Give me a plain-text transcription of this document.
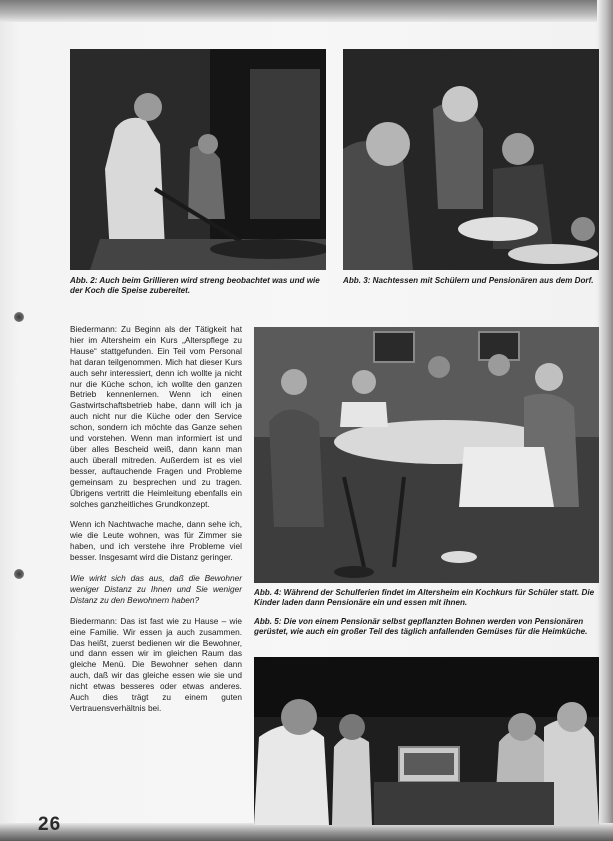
Abb. 2: Auch beim Grillieren wird streng beobachtet was und wie der Koch die Speise zubereitet.

Abb. 3: Nachtessen mit Schülern und Pensionären aus dem Dorf.

Biedermann: Zu Beginn als der Tätigkeit hat hier im Altersheim ein Kurs „Alterspflege zu Hause“ stattgefunden. Ein Teil vom Personal hat daran teilgenommen. Mich hat dieser Kurs auch sehr interessiert, denn ich wollte ja nicht nur die Küche schon, ich wollte den ganzen Betrieb kennenlernen. Wenn ich einen Gastwirtschaftsbetrieb habe, dann will ich ja auch nicht nur die Küche oder den Service schon, sondern ich möchte das Ganze sehen und vorstehen. Wenn man informiert ist und über alles Bescheid weiß, dann kann man auch überall mitreden. Außerdem ist es viel besser, auftauchende Fragen und Probleme gemeinsam zu besprechen und zu tragen. Übrigens vertritt die Heimleitung ebenfalls ein solches ganzheitliches Grundkonzept.

Wenn ich Nachtwache mache, dann sehe ich, wie die Leute wohnen, was für Zimmer sie haben, und ich verstehe ihre Probleme viel besser. Insgesamt wird die Distanz geringer.

Wie wirkt sich das aus, daß die Bewohner weniger Distanz zu Ihnen und Sie weniger Distanz zu den Bewohnern haben?

Biedermann: Das ist fast wie zu Hause – wie eine Familie. Wir essen ja auch zusammen. Das heißt, zuerst bedienen wir die Bewohner, und dann essen wir im gleichen Raum das gleiche Menü. Die Bewohner sehen dann auch, daß wir das gleiche essen wie sie und nicht etwas besseres oder etwas anderes. Auch dies trägt zu einem guten Vertrauensverhältnis bei.

Abb. 4: Während der Schulferien findet im Altersheim ein Kochkurs für Schüler statt. Die Kinder laden dann Pensionäre ein und essen mit ihnen.

Abb. 5: Die von einem Pensionär selbst gepflanzten Bohnen werden von Pensionären gerüstet, wie auch ein großer Teil des täglich anfallenden Gemüses für die Heimküche.

26
